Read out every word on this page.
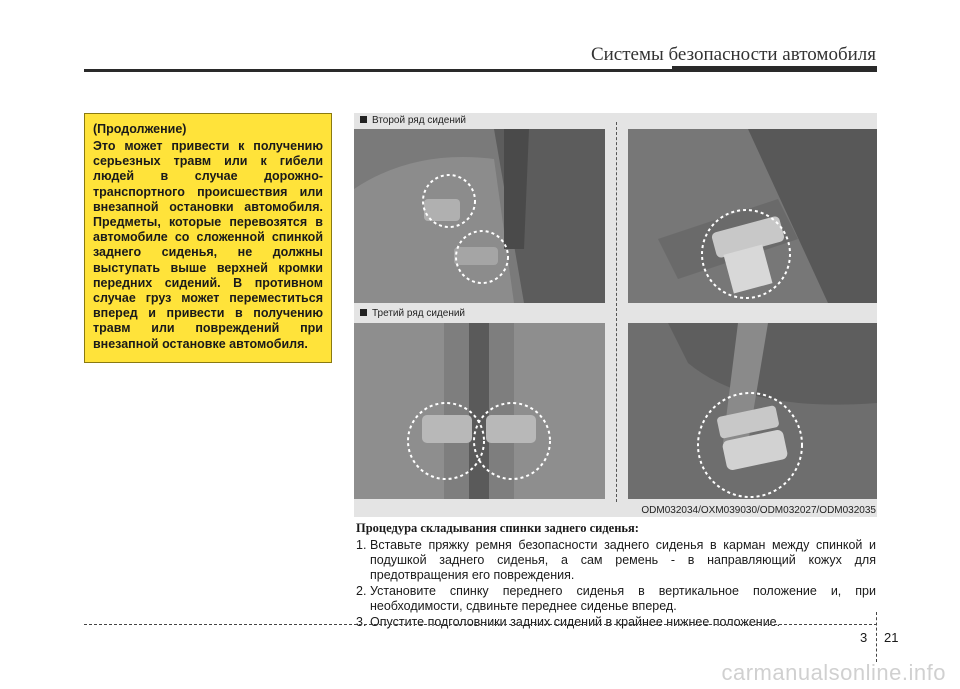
Системы безопасности автомобиля
(Продолжение)
Это может привести к получению серьезных травм или к гибели людей в случае дорожно-транспортного происшествия или внезапной остановки автомобиля. Предметы, которые перевозятся в автомобиле со сложенной спинкой заднего сиденья, не должны выступать выше верхней кромки передних сидений. В противном случае груз может переместиться вперед и привести в получению травм или повреждений при внезапной остановке автомобиля.
Второй ряд сидений
Третий ряд сидений
ODM032034/OXM039030/ODM032027/ODM032035
Процедура складывания спинки заднего сиденья:
1. Вставьте пряжку ремня безопасности заднего сиденья в карман между спинкой и подушкой заднего сиденья, а сам ремень - в направляющий кожух для предотвращения его повреждения.
2. Установите спинку переднего сиденья в вертикальное положение и, при необходимости, сдвиньте переднее сиденье вперед.
3. Опустите подголовники задних сидений в крайнее нижнее положение.
3 21
carmanualsonline.info
